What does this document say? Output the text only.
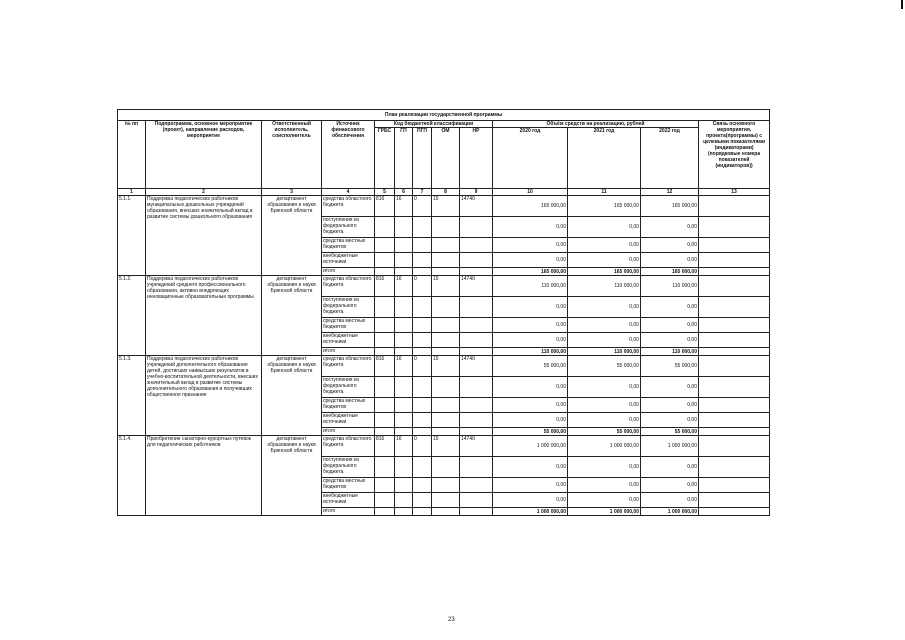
План реализации государственной программы												
№ пп	Подпрограмма, основное мероприятие (проект), направление расходов, мероприятие	Ответственный исполнитель, соисполнитель	Источник финансового обеспечения	Код бюджетной классификации					Объём средств на реализацию, рублей			Связь основного мероприятия, проекта(программы) с целевыми показателями (индикаторами) (порядковые номера показателей (индикаторов))
				ГРБС	ГП	ПГП	ОМ	НР	2020 год	2021 год	2022 год	
1	2	3	4	5	6	7	8	9	10	11	12	13
5.1.1.	Поддержка педагогических работников муниципальных дошкольных учреждений образования, внесших значительный вклад в развитие системы дошкольного образования	департамент образования и науки Брянской области	средства областного бюджета	816	16	0	15	14740	165 000,00	165 000,00	165 000,00	
			поступления из федерального бюджета						0,00	0,00	0,00	
			средства местных бюджетов						0,00	0,00	0,00	
			внебюджетные источники						0,00	0,00	0,00	
			итого						165 000,00	165 000,00	165 000,00	
5.1.2.	Поддержка педагогических работников учреждений среднего профессионального образования, активно внедряющих инновационные образовательные программы	департамент образования и науки Брянской области	средства областного бюджета	816	16	0	15	14740	110 000,00	110 000,00	110 000,00	
			поступления из федерального бюджета						0,00	0,00	0,00	
			средства местных бюджетов						0,00	0,00	0,00	
			внебюджетные источники						0,00	0,00	0,00	
			итого						110 000,00	110 000,00	110 000,00	
5.1.3.	Поддержка педагогических работников учреждений дополнительного образования детей, достигших наивысших результатов в учебно-воспитательной деятельности, внесших значительный вклад в развитие системы дополнительного образования и получивших общественное признание	департамент образования и науки Брянской области	средства областного бюджета	816	16	0	15	14740	55 000,00	55 000,00	55 000,00	
			поступления из федерального бюджета						0,00	0,00	0,00	
			средства местных бюджетов						0,00	0,00	0,00	
			внебюджетные источники						0,00	0,00	0,00	
			итого						55 000,00	55 000,00	55 000,00	
5.1.4.	Приобретение санаторно-курортных путевок для педагогических работников	департамент образования и науки Брянской области	средства областного бюджета	816	16	0	15	14740	1 000 000,00	1 000 000,00	1 000 000,00	
			поступления из федерального бюджета						0,00	0,00	0,00	
			средства местных бюджетов						0,00	0,00	0,00	
			внебюджетные источники						0,00	0,00	0,00	
			итого						1 000 000,00	1 000 000,00	1 000 000,00	
23
